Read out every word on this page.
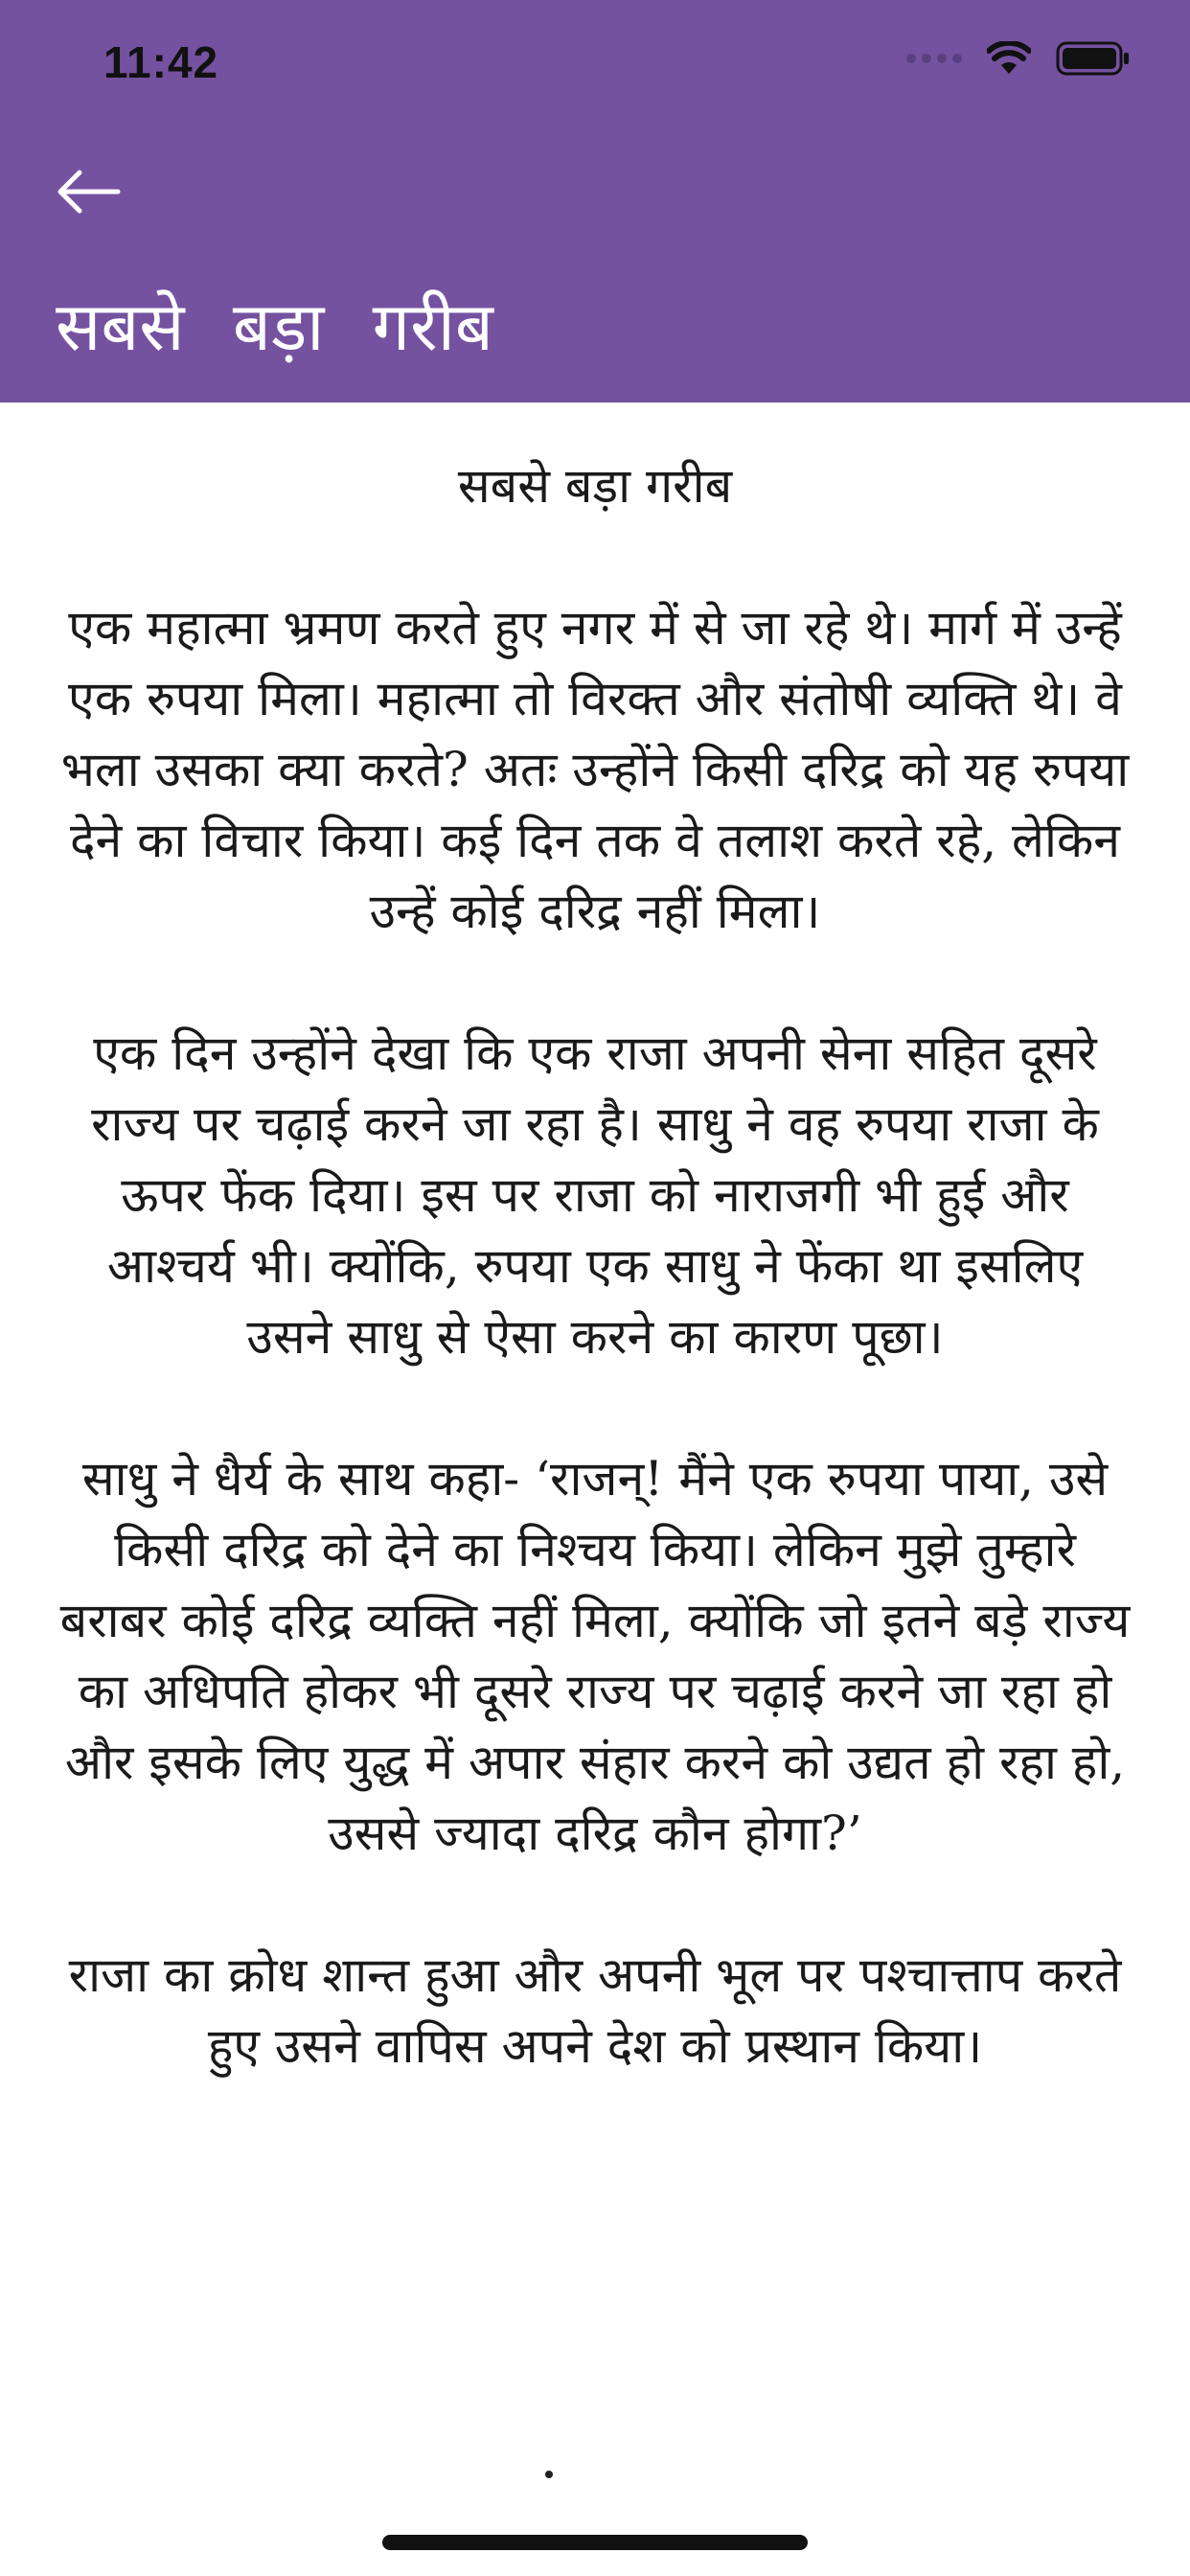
11:42
सबसे बड़ा गरीब
सबसे बड़ा गरीब

एक महात्मा भ्रमण करते हुए नगर में से जा रहे थे। मार्ग में उन्हें एक रुपया मिला। महात्मा तो विरक्त और संतोषी व्यक्ति थे। वे भला उसका क्या करते? अतः उन्होंने किसी दरिद्र को यह रुपया देने का विचार किया। कई दिन तक वे तलाश करते रहे, लेकिन उन्हें कोई दरिद्र नहीं मिला।

एक दिन उन्होंने देखा कि एक राजा अपनी सेना सहित दूसरे राज्य पर चढ़ाई करने जा रहा है। साधु ने वह रुपया राजा के ऊपर फेंक दिया। इस पर राजा को नाराजगी भी हुई और आश्चर्य भी। क्योंकि, रुपया एक साधु ने फेंका था इसलिए उसने साधु से ऐसा करने का कारण पूछा।

साधु ने धैर्य के साथ कहा- ‘राजन्! मैंने एक रुपया पाया, उसे किसी दरिद्र को देने का निश्चय किया। लेकिन मुझे तुम्हारे बराबर कोई दरिद्र व्यक्ति नहीं मिला, क्योंकि जो इतने बड़े राज्य का अधिपति होकर भी दूसरे राज्य पर चढ़ाई करने जा रहा हो और इसके लिए युद्ध में अपार संहार करने को उद्यत हो रहा हो, उससे ज्यादा दरिद्र कौन होगा?’

राजा का क्रोध शान्त हुआ और अपनी भूल पर पश्चात्ताप करते हुए उसने वापिस अपने देश को प्रस्थान किया।
